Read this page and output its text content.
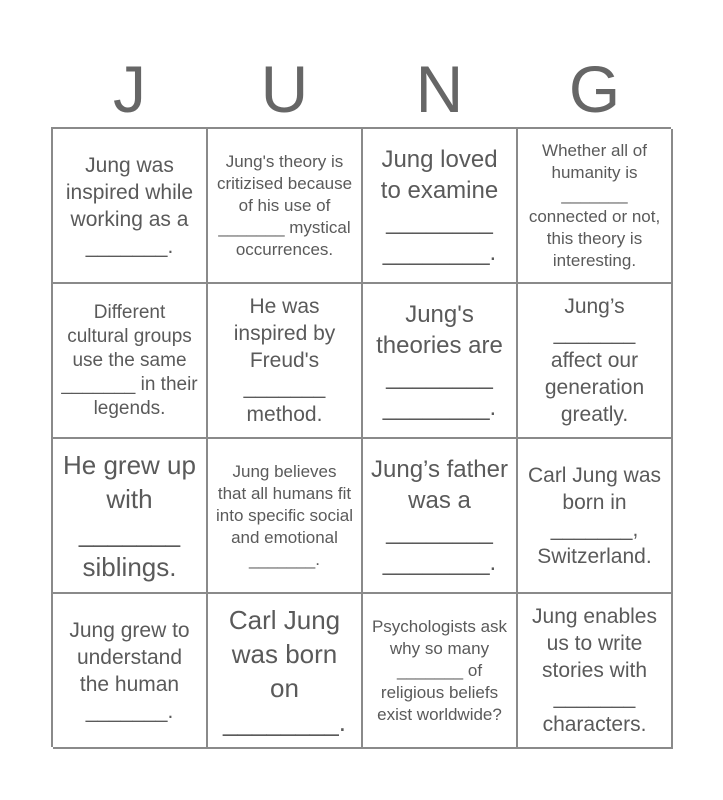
J	U	N	G
Jung was inspired while working as a _______.
Jung's theory is critizised because of his use of _______ mystical occurrences.
Jung loved to examine ________ ________.
Whether all of humanity is _______ connected or not, this theory is interesting.
Different cultural groups use the same _______ in their legends.
He was inspired by Freud's _______ method.
Jung's theories are ________ ________.
Jung’s _______ affect our generation greatly.
He grew up with _______ siblings.
Jung believes that all humans fit into specific social and emotional _______.
Jung’s father was a ________ ________.
Carl Jung was born in _______, Switzerland.
Jung grew to understand the human _______.
Carl Jung was born on ________.
Psychologists ask why so many _______ of religious beliefs exist worldwide?
Jung enables us to write stories with _______ characters.
